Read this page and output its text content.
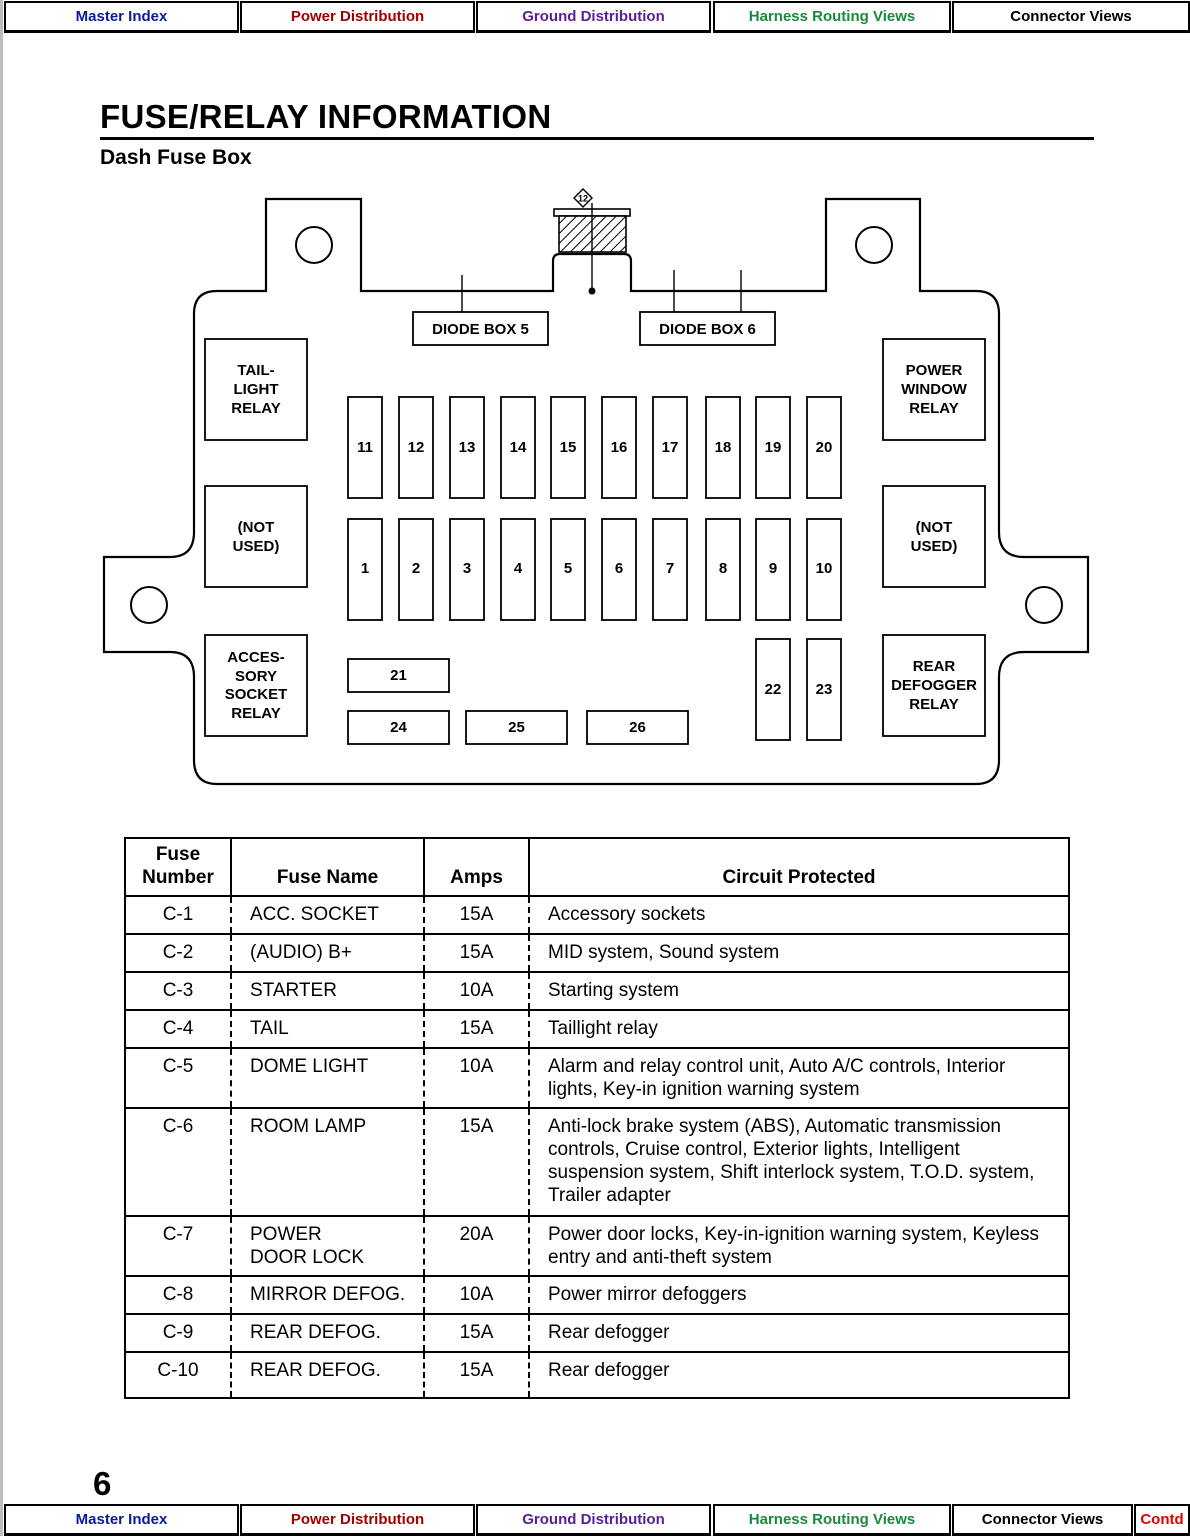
Master Index	Power Distribution	Ground Distribution	Harness Routing Views	Connector Views
FUSE/RELAY INFORMATION
Dash Fuse Box
12
DIODE BOX 5	DIODE BOX 6
TAIL-
LIGHT
RELAY
(NOT
USED)
ACCES-
SORY
SOCKET
RELAY
POWER
WINDOW
RELAY
(NOT
USED)
REAR
DEFOGGER
RELAY
11 12 13 14 15 16 17 18 19 20
1	2	3	4	5	6	7	8	9	10
21
22 23
24	25	26
Fuse
Number	Fuse Name	Amps	Circuit Protected
C-1	ACC. SOCKET	15A	Accessory sockets
C-2	(AUDIO) B+	15A	MID system, Sound system
C-3	STARTER	10A	Starting system
C-4	TAIL	15A	Taillight relay
C-5	DOME LIGHT	10A	Alarm and relay control unit, Auto A/C controls, Interior lights, Key-in ignition warning system
C-6	ROOM LAMP	15A	Anti-lock brake system (ABS), Automatic transmission controls, Cruise control, Exterior lights, Intelligent suspension system, Shift interlock system, T.O.D. system, Trailer adapter
C-7	POWER
DOOR LOCK	20A	Power door locks, Key-in-ignition warning system, Keyless entry and anti-theft system
C-8	MIRROR DEFOG.	10A	Power mirror defoggers
C-9	REAR DEFOG.	15A	Rear defogger
C-10	REAR DEFOG.	15A	Rear defogger
6
Master Index	Power Distribution	Ground Distribution	Harness Routing Views	Connector Views	Contd
